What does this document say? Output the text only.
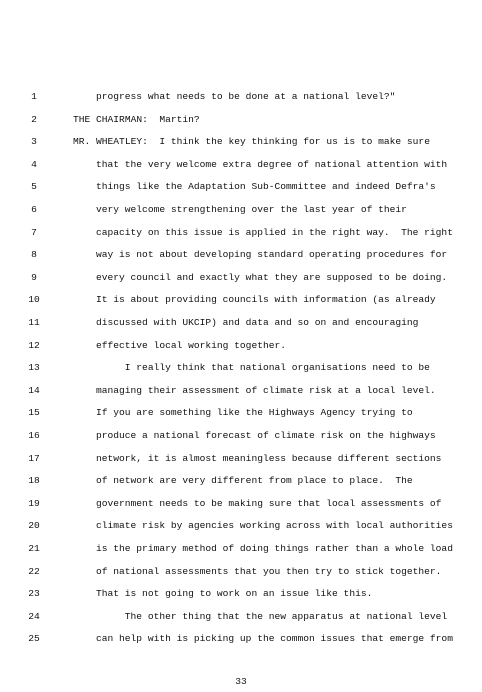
1	progress what needs to be done at a national level?"
2	THE CHAIRMAN:  Martin?
3	MR. WHEATLEY:  I think the key thinking for us is to make sure
4	that the very welcome extra degree of national attention with
5	things like the Adaptation Sub-Committee and indeed Defra's
6	very welcome strengthening over the last year of their
7	capacity on this issue is applied in the right way.  The right
8	way is not about developing standard operating procedures for
9	every council and exactly what they are supposed to be doing.
10	It is about providing councils with information (as already
11	discussed with UKCIP) and data and so on and encouraging
12	effective local working together.
13	I really think that national organisations need to be
14	managing their assessment of climate risk at a local level.
15	If you are something like the Highways Agency trying to
16	produce a national forecast of climate risk on the highways
17	network, it is almost meaningless because different sections
18	of network are very different from place to place.  The
19	government needs to be making sure that local assessments of
20	climate risk by agencies working across with local authorities
21	is the primary method of doing things rather than a whole load
22	of national assessments that you then try to stick together.
23	That is not going to work on an issue like this.
24	The other thing that the new apparatus at national level
25	can help with is picking up the common issues that emerge from
33
